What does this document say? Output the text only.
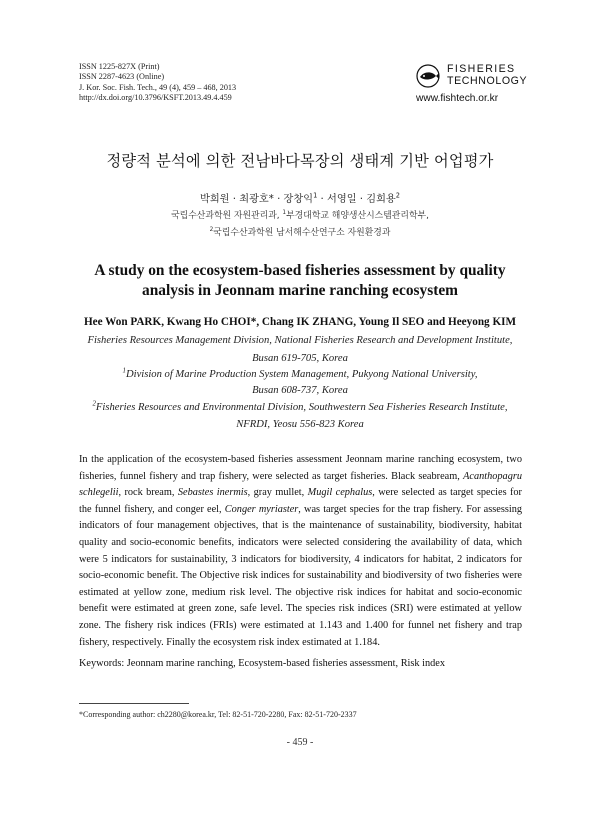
ISSN 1225-827X (Print)
ISSN 2287-4623 (Online)
J. Kor. Soc. Fish. Tech., 49 (4), 459 – 468, 2013
http://dx.doi.org/10.3796/KSFT.2013.49.4.459
FISHERIES
TECHNOLOGY
www.fishtech.or.kr
정량적 분석에 의한 전남바다목장의 생태계 기반 어업평가
박희원 · 최광호* · 장창익$^1$ · 서영일 · 김희용$^2$
국립수산과학원 자원관리과, $^1$부경대학교 해양생산시스템관리학부,
$^2$국립수산과학원 남서해수산연구소 자원환경과
A study on the ecosystem-based fisheries assessment by quality
analysis in Jeonnam marine ranching ecosystem
Hee Won PARK, Kwang Ho CHOI*, Chang IK ZHANG, Young Il SEO and Heeyong KIM
Fisheries Resources Management Division, National Fisheries Research and Development Institute,
Busan 619-705, Korea
$^1$Division of Marine Production System Management, Pukyong National University,
Busan 608-737, Korea
$^2$Fisheries Resources and Environmental Division, Southwestern Sea Fisheries Research Institute,
NFRDI, Yeosu 556-823 Korea
In the application of the ecosystem-based fisheries assessment Jeonnam marine ranching ecosystem, two fisheries, funnel fishery and trap fishery, were selected as target fisheries. Black seabream, Acanthopagru schlegelii, rock bream, Sebastes inermis, gray mullet, Mugil cephalus, were selected as target species for the funnel fishery, and conger eel, Conger myriaster, was target species for the trap fishery. For assessing indicators of four management objectives, that is the maintenance of sustainability, biodiversity, habitat quality and socio-economic benefits, indicators were selected considering the availability of data, which were 5 indicators for sustainability, 3 indicators for biodiversity, 4 indicators for habitat, 2 indicators for socio-economic benefit. The Objective risk indices for sustainability and biodiversity of two fisheries were estimated at yellow zone, medium risk level. The objective risk indices for habitat and socio-economic benefit were estimated at green zone, safe level. The species risk indices (SRI) were estimated at yellow zone. The fishery risk indices (FRIs) were estimated at 1.143 and 1.400 for funnel net fishery and trap fishery, respectively. Finally the ecosystem risk index estimated at 1.184.
Keywords: Jeonnam marine ranching, Ecosystem-based fisheries assessment, Risk index
*Corresponding author: ch2280@korea.kr, Tel: 82-51-720-2280, Fax: 82-51-720-2337
- 459 -
